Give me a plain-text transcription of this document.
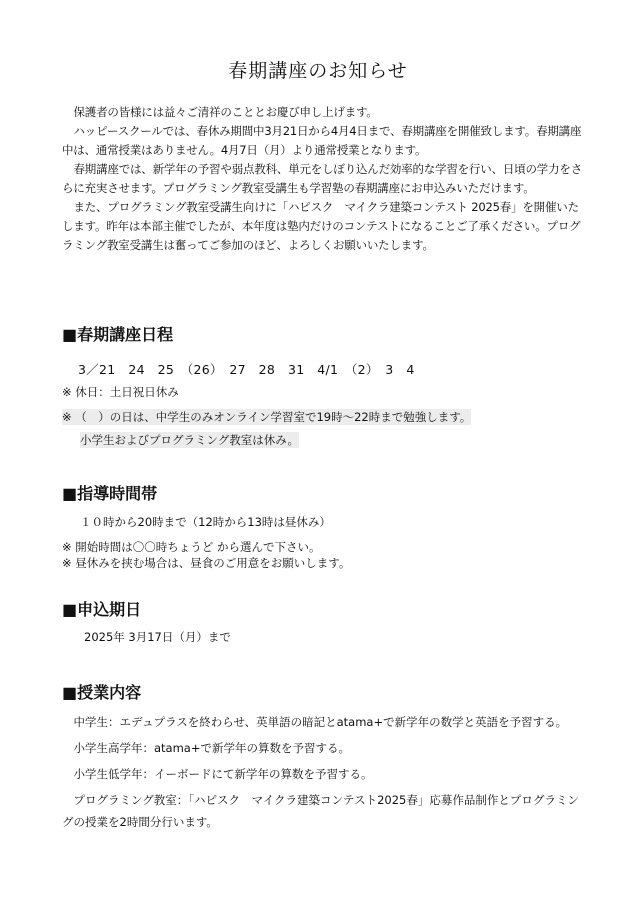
春期講座のお知らせ

保護者の皆様には益々ご清祥のこととお慶び申し上げます。

ハッピースクールでは、春休み期間中3月21日から4月4日まで、春期講座を開催致します。春期講座中は、通常授業はありません。4月7日（月）より通常授業となります。

春期講座では、新学年の予習や弱点教科、単元をしぼり込んだ効率的な学習を行い、日頃の学力をさらに充実させます。プログラミング教室受講生も学習塾の春期講座にお申込みいただけます。

また、プログラミング教室受講生向けに「ハピスク　マイクラ建築コンテスト 2025春」を開催いたします。昨年は本部主催でしたが、本年度は塾内だけのコンテストになることご了承ください。プログラミング教室受講生は奮ってご参加のほど、よろしくお願いいたします。

■春期講座日程
3／21　24　25　（26）　27　28　31　4/1　（2）　3　4
※ 休日：土日祝日休み
※ （　）の日は、中学生のみオンライン学習室で19時～22時まで勉強します。
小学生およびプログラミング教室は休み。
■指導時間帯
１０時から20時まで（12時から13時は昼休み）
※ 開始時間は〇〇時ちょうど から選んで下さい。
※ 昼休みを挟む場合は、昼食のご用意をお願いします。
■申込期日
2025年 3月17日（月）まで
■授業内容

中学生：エデュプラスを終わらせ、英単語の暗記とatama+で新学年の数学と英語を予習する。

小学生高学年：atama+で新学年の算数を予習する。

小学生低学年：イーボードにて新学年の算数を予習する。

プログラミング教室：「ハピスク　マイクラ建築コンテスト2025春」応募作品制作とプログラミングの授業を2時間分行います。
